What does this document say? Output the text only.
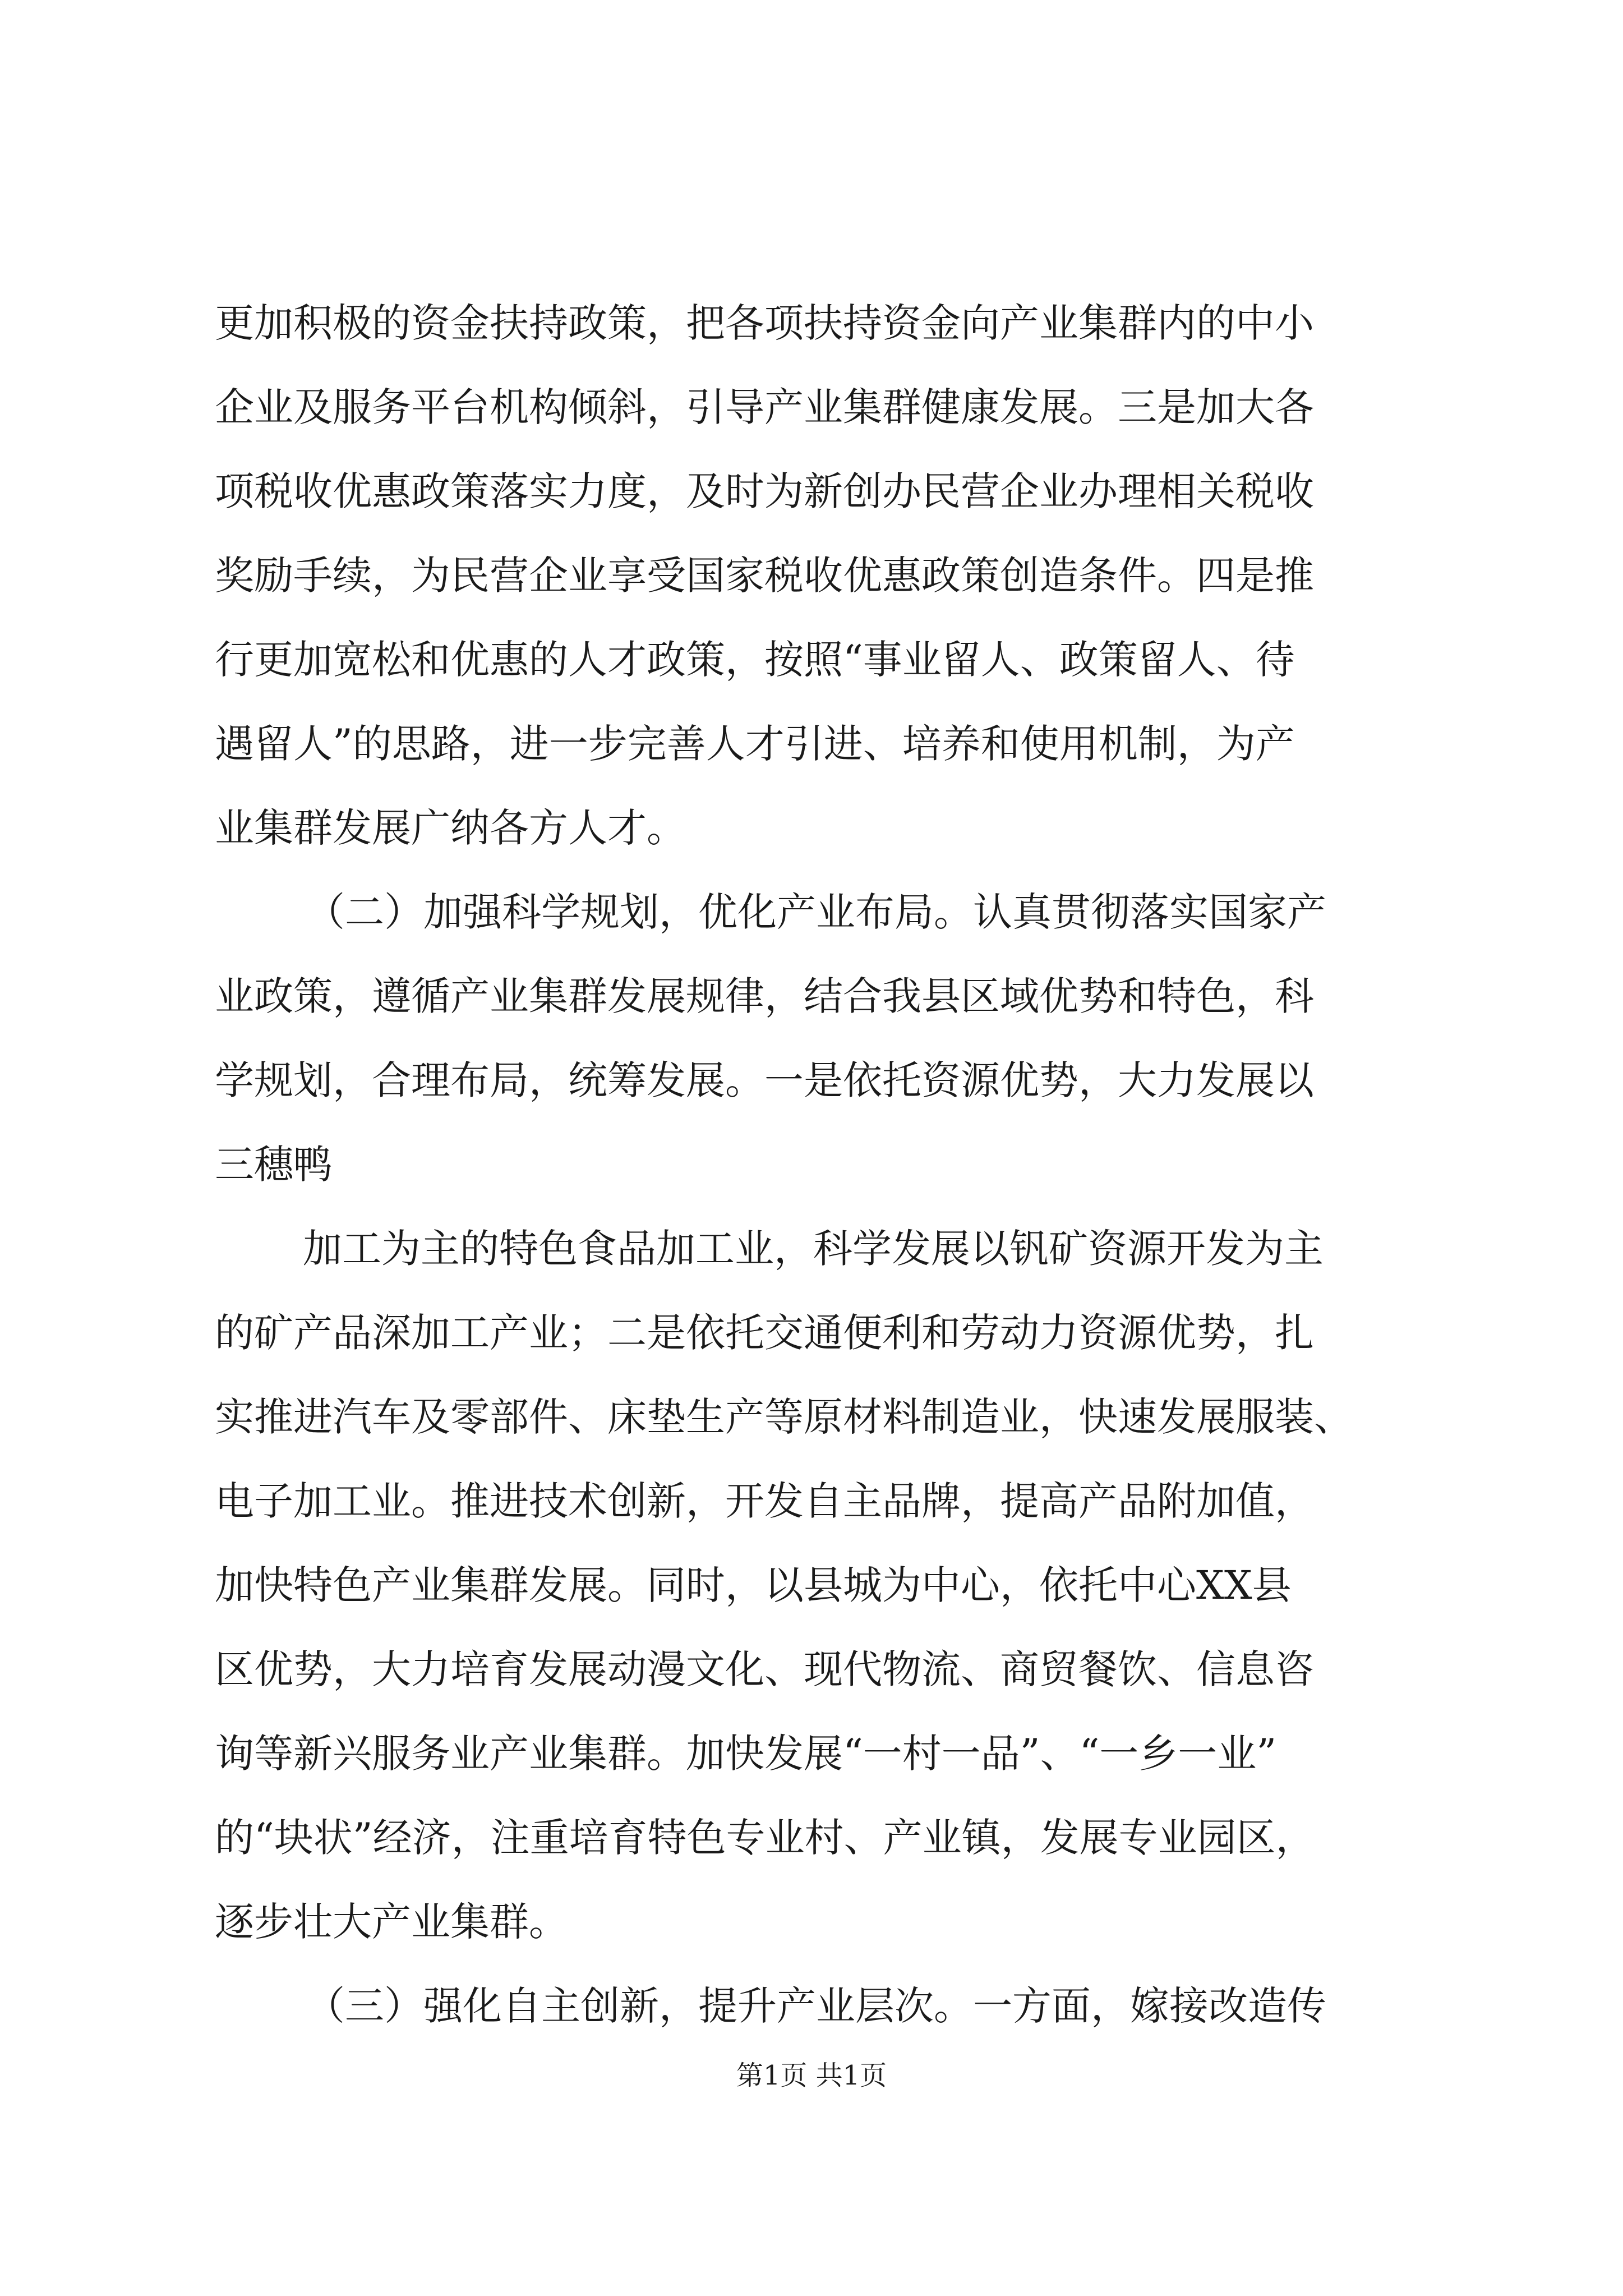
更加积极的资金扶持政策，把各项扶持资金向产业集群内的中小
企业及服务平台机构倾斜，引导产业集群健康发展。三是加大各
项税收优惠政策落实力度，及时为新创办民营企业办理相关税收
奖励手续，为民营企业享受国家税收优惠政策创造条件。四是推
行更加宽松和优惠的人才政策，按照“事业留人、政策留人、待
遇留人”的思路，进一步完善人才引进、培养和使用机制，为产
业集群发展广纳各方人才。
（二）加强科学规划，优化产业布局。认真贯彻落实国家产
业政策，遵循产业集群发展规律，结合我县区域优势和特色，科
学规划，合理布局，统筹发展。一是依托资源优势，大力发展以
三穗鸭
加工为主的特色食品加工业，科学发展以钒矿资源开发为主
的矿产品深加工产业；二是依托交通便利和劳动力资源优势，扎
实推进汽车及零部件、床垫生产等原材料制造业，快速发展服装、
电子加工业。推进技术创新，开发自主品牌，提高产品附加值，
加快特色产业集群发展。同时，以县城为中心，依托中心XX县
区优势，大力培育发展动漫文化、现代物流、商贸餐饮、信息咨
询等新兴服务业产业集群。加快发展“一村一品”、“一乡一业”
的“块状”经济，注重培育特色专业村、产业镇，发展专业园区，
逐步壮大产业集群。
（三）强化自主创新，提升产业层次。一方面，嫁接改造传
第1页 共1页
